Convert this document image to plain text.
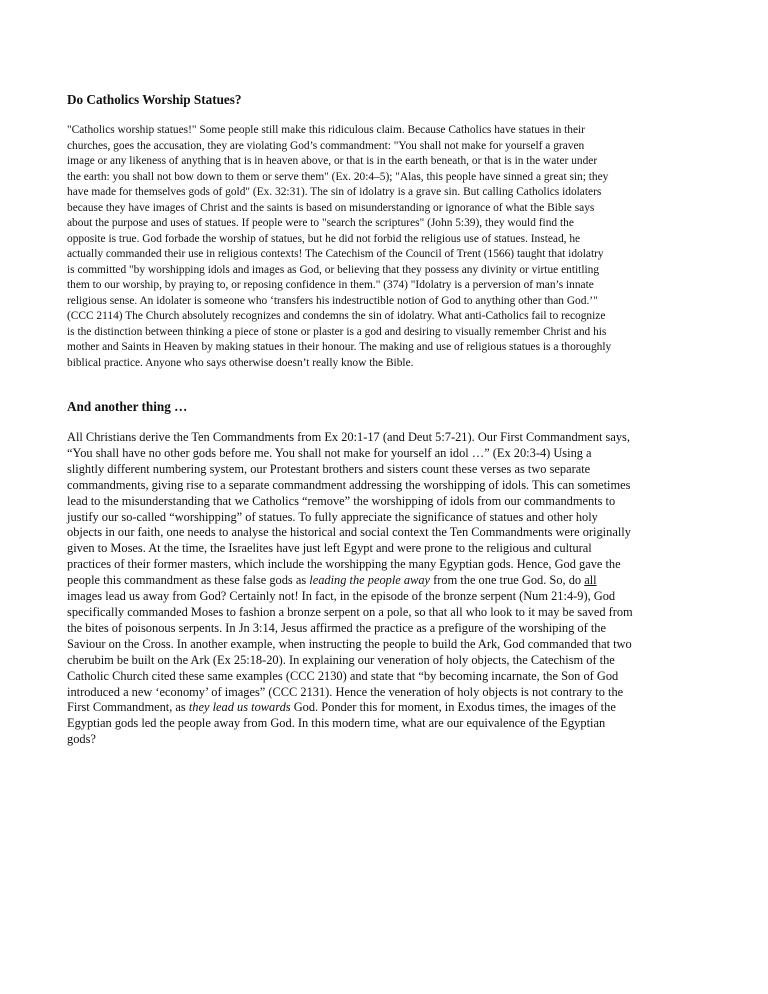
Do Catholics Worship Statues?
"Catholics worship statues!" Some people still make this ridiculous claim. Because Catholics have statues in their
churches, goes the accusation, they are violating God’s commandment: "You shall not make for yourself a graven
image or any likeness of anything that is in heaven above, or that is in the earth beneath, or that is in the water under
the earth: you shall not bow down to them or serve them" (Ex. 20:4–5); "Alas, this people have sinned a great sin; they
have made for themselves gods of gold" (Ex. 32:31). The sin of idolatry is a grave sin. But calling Catholics idolaters
because they have images of Christ and the saints is based on misunderstanding or ignorance of what the Bible says
about the purpose and uses of statues. If people were to "search the scriptures" (John 5:39), they would find the
opposite is true. God forbade the worship of statues, but he did not forbid the religious use of statues. Instead, he
actually commanded their use in religious contexts! The Catechism of the Council of Trent (1566) taught that idolatry
is committed "by worshipping idols and images as God, or believing that they possess any divinity or virtue entitling
them to our worship, by praying to, or reposing confidence in them." (374) "Idolatry is a perversion of man’s innate
religious sense. An idolater is someone who ‘transfers his indestructible notion of God to anything other than God.’"
(CCC 2114) The Church absolutely recognizes and condemns the sin of idolatry. What anti-Catholics fail to recognize
is the distinction between thinking a piece of stone or plaster is a god and desiring to visually remember Christ and his
mother and Saints in Heaven by making statues in their honour. The making and use of religious statues is a thoroughly
biblical practice. Anyone who says otherwise doesn’t really know the Bible.
And another thing …
All Christians derive the Ten Commandments from Ex 20:1-17 (and Deut 5:7-21). Our First Commandment says,
“You shall have no other gods before me. You shall not make for yourself an idol …” (Ex 20:3-4) Using a
slightly different numbering system, our Protestant brothers and sisters count these verses as two separate
commandments, giving rise to a separate commandment addressing the worshipping of idols. This can sometimes
lead to the misunderstanding that we Catholics “remove” the worshipping of idols from our commandments to
justify our so-called “worshipping” of statues. To fully appreciate the significance of statues and other holy
objects in our faith, one needs to analyse the historical and social context the Ten Commandments were originally
given to Moses. At the time, the Israelites have just left Egypt and were prone to the religious and cultural
practices of their former masters, which include the worshipping the many Egyptian gods. Hence, God gave the
people this commandment as these false gods as leading the people away from the one true God. So, do all
images lead us away from God? Certainly not! In fact, in the episode of the bronze serpent (Num 21:4-9), God
specifically commanded Moses to fashion a bronze serpent on a pole, so that all who look to it may be saved from
the bites of poisonous serpents. In Jn 3:14, Jesus affirmed the practice as a prefigure of the worshiping of the
Saviour on the Cross. In another example, when instructing the people to build the Ark, God commanded that two
cherubim be built on the Ark (Ex 25:18-20). In explaining our veneration of holy objects, the Catechism of the
Catholic Church cited these same examples (CCC 2130) and state that “by becoming incarnate, the Son of God
introduced a new ‘economy’ of images” (CCC 2131). Hence the veneration of holy objects is not contrary to the
First Commandment, as they lead us towards God. Ponder this for moment, in Exodus times, the images of the
Egyptian gods led the people away from God. In this modern time, what are our equivalence of the Egyptian
gods?
